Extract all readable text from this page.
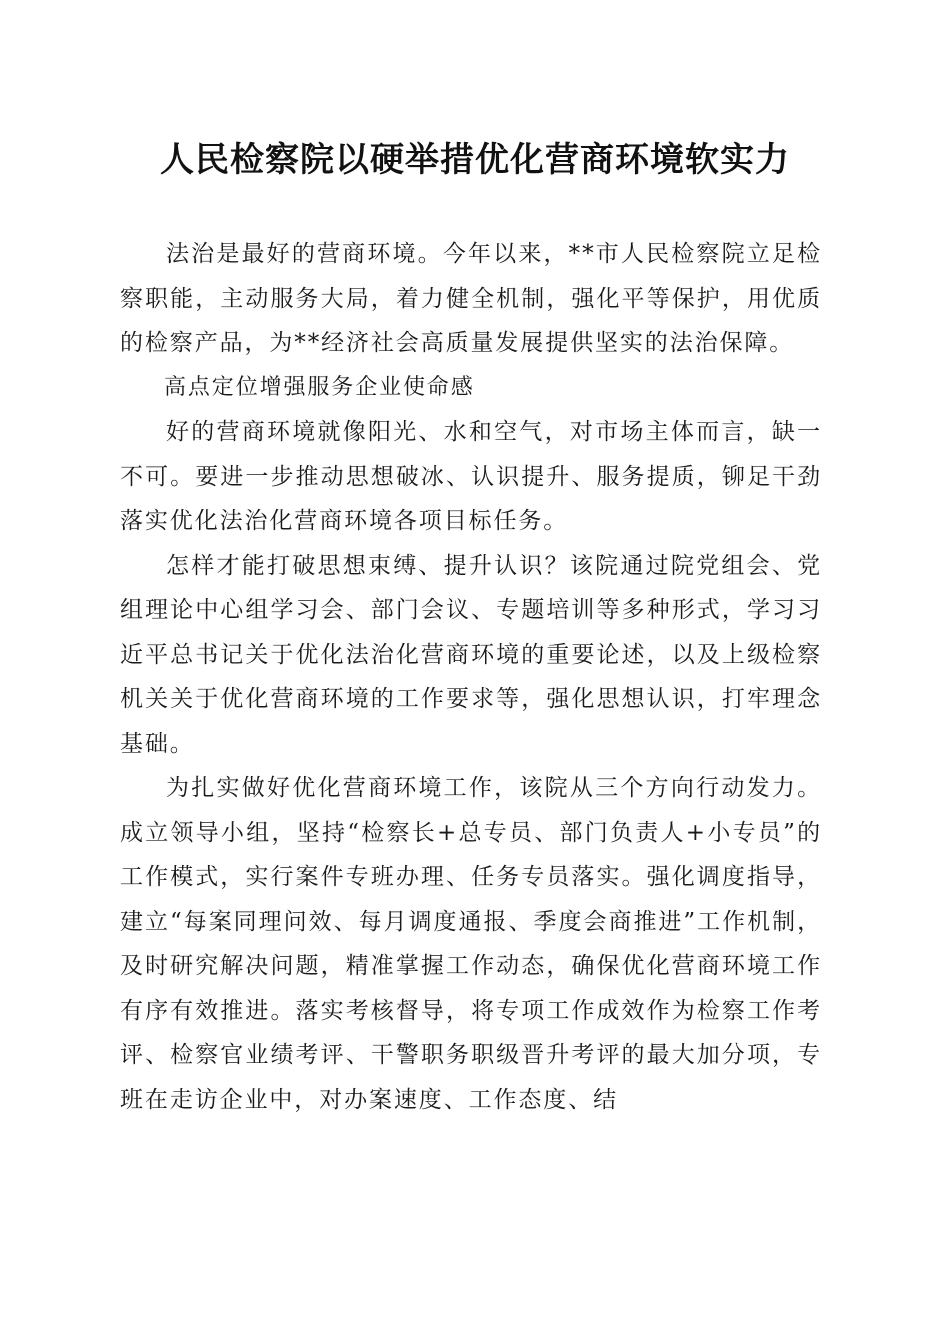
人民检察院以硬举措优化营商环境软实力

法治是最好的营商环境。今年以来，**市人民检察院立足检察职能，主动服务大局，着力健全机制，强化平等保护，用优质的检察产品，为**经济社会高质量发展提供坚实的法治保障。

高点定位增强服务企业使命感

好的营商环境就像阳光、水和空气，对市场主体而言，缺一不可。要进一步推动思想破冰、认识提升、服务提质，铆足干劲落实优化法治化营商环境各项目标任务。

怎样才能打破思想束缚、提升认识？该院通过院党组会、党组理论中心组学习会、部门会议、专题培训等多种形式，学习习近平总书记关于优化法治化营商环境的重要论述，以及上级检察机关关于优化营商环境的工作要求等，强化思想认识，打牢理念基础。

为扎实做好优化营商环境工作，该院从三个方向行动发力。成立领导小组，坚持“检察长+总专员、部门负责人+小专员”的工作模式，实行案件专班办理、任务专员落实。强化调度指导，建立“每案同理问效、每月调度通报、季度会商推进”工作机制，及时研究解决问题，精准掌握工作动态，确保优化营商环境工作有序有效推进。落实考核督导，将专项工作成效作为检察工作考评、检察官业绩考评、干警职务职级晋升考评的最大加分项，专班在走访企业中，对办案速度、工作态度、结
